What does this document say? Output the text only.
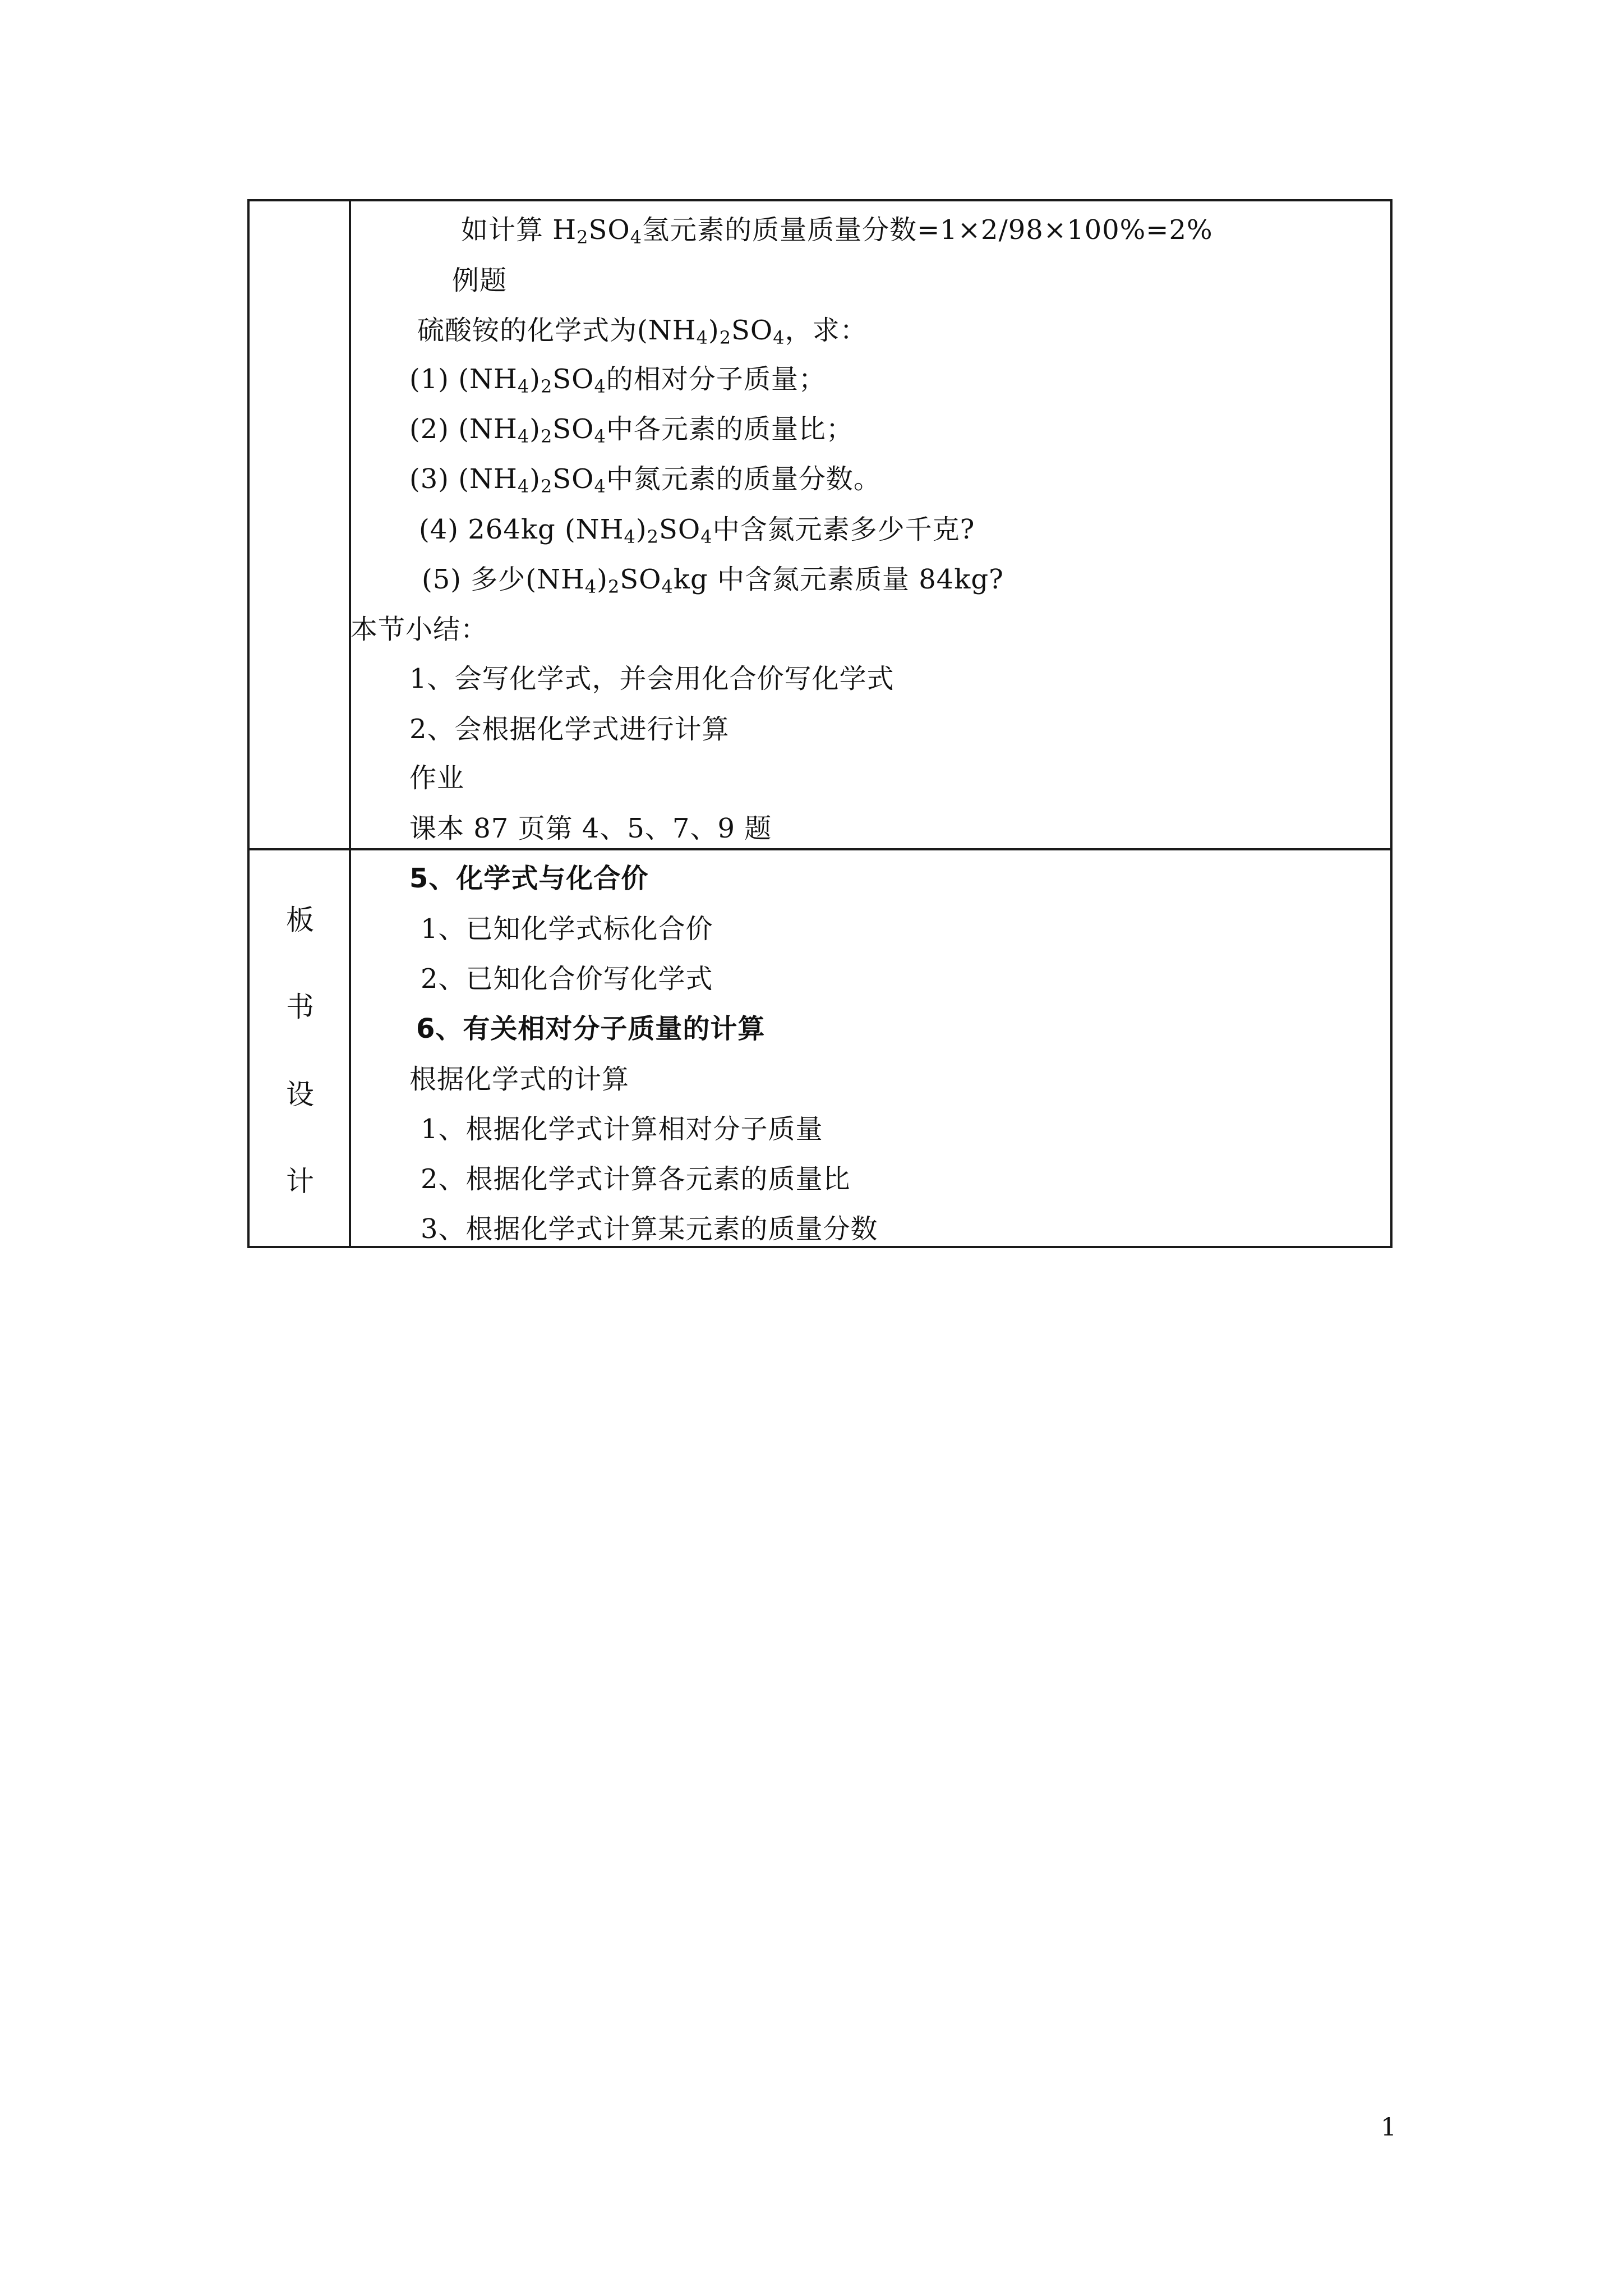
如计算 $H_2SO_4$氢元素的质量质量分数=1×2/98×100%=2%
例题
硫酸铵的化学式为$(NH_4)_2SO_4$，求：
(1) $(NH_4)_2SO_4$的相对分子质量；
(2) $(NH_4)_2SO_4$中各元素的质量比；
(3) $(NH_4)_2SO_4$中氮元素的质量分数。
(4) 264kg $(NH_4)_2SO_4$中含氮元素多少千克?
(5) 多少$(NH_4)_2SO_4kg$ 中含氮元素质量 84kg?
本节小结：
1、会写化学式，并会用化合价写化学式
2、会根据化学式进行计算
作业
课本 87 页第 4、5、7、9 题
板
书
设
计
5、化学式与化合价
1、已知化学式标化合价
2、已知化合价写化学式
6、有关相对分子质量的计算
根据化学式的计算
1、根据化学式计算相对分子质量
2、根据化学式计算各元素的质量比
3、根据化学式计算某元素的质量分数
1
